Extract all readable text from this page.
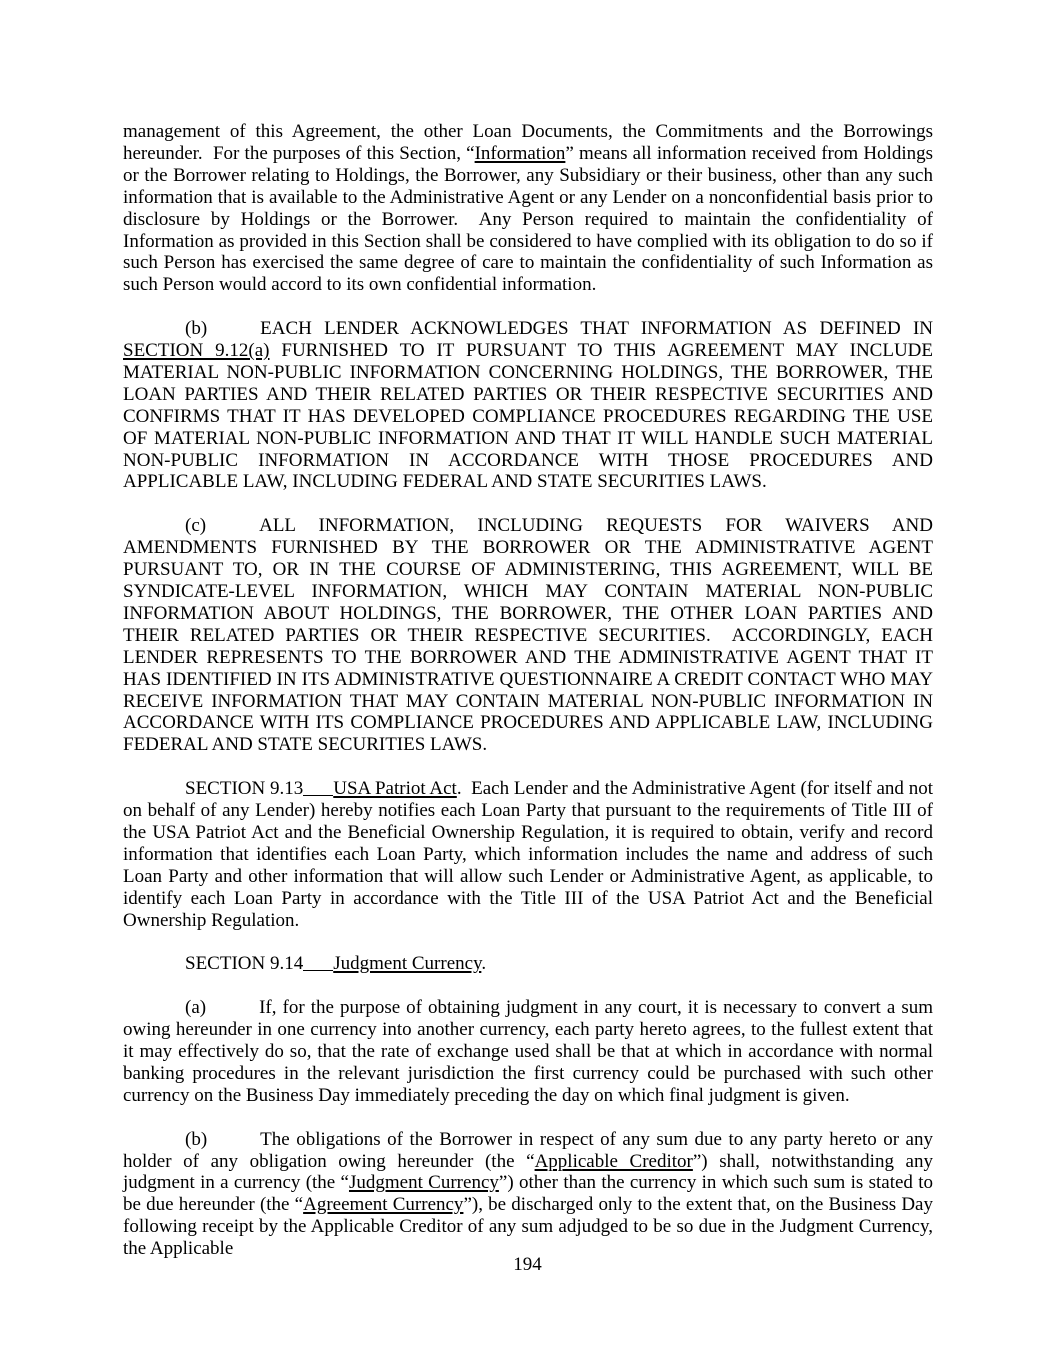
management of this Agreement, the other Loan Documents, the Commitments and the Borrowings hereunder.  For the purposes of this Section, “Information” means all information received from Holdings or the Borrower relating to Holdings, the Borrower, any Subsidiary or their business, other than any such information that is available to the Administrative Agent or any Lender on a nonconfidential basis prior to disclosure by Holdings or the Borrower.  Any Person required to maintain the confidentiality of Information as provided in this Section shall be considered to have complied with its obligation to do so if such Person has exercised the same degree of care to maintain the confidentiality of such Information as such Person would accord to its own confidential information.

(b)	EACH LENDER ACKNOWLEDGES THAT INFORMATION AS DEFINED IN SECTION 9.12(a) FURNISHED TO IT PURSUANT TO THIS AGREEMENT MAY INCLUDE MATERIAL NON-PUBLIC INFORMATION CONCERNING HOLDINGS, THE BORROWER, THE LOAN PARTIES AND THEIR RELATED PARTIES OR THEIR RESPECTIVE SECURITIES AND CONFIRMS THAT IT HAS DEVELOPED COMPLIANCE PROCEDURES REGARDING THE USE OF MATERIAL NON-PUBLIC INFORMATION AND THAT IT WILL HANDLE SUCH MATERIAL NON-PUBLIC INFORMATION IN ACCORDANCE WITH THOSE PROCEDURES AND APPLICABLE LAW, INCLUDING FEDERAL AND STATE SECURITIES LAWS.

(c)	ALL INFORMATION, INCLUDING REQUESTS FOR WAIVERS AND AMENDMENTS FURNISHED BY THE BORROWER OR THE ADMINISTRATIVE AGENT PURSUANT TO, OR IN THE COURSE OF ADMINISTERING, THIS AGREEMENT, WILL BE SYNDICATE-LEVEL INFORMATION, WHICH MAY CONTAIN MATERIAL NON-PUBLIC INFORMATION ABOUT HOLDINGS, THE BORROWER, THE OTHER LOAN PARTIES AND THEIR RELATED PARTIES OR THEIR RESPECTIVE SECURITIES.  ACCORDINGLY, EACH LENDER REPRESENTS TO THE BORROWER AND THE ADMINISTRATIVE AGENT THAT IT HAS IDENTIFIED IN ITS ADMINISTRATIVE QUESTIONNAIRE A CREDIT CONTACT WHO MAY RECEIVE INFORMATION THAT MAY CONTAIN MATERIAL NON-PUBLIC INFORMATION IN ACCORDANCE WITH ITS COMPLIANCE PROCEDURES AND APPLICABLE LAW, INCLUDING FEDERAL AND STATE SECURITIES LAWS.

SECTION 9.13 USA Patriot Act.  Each Lender and the Administrative Agent (for itself and not on behalf of any Lender) hereby notifies each Loan Party that pursuant to the requirements of Title III of the USA Patriot Act and the Beneficial Ownership Regulation, it is required to obtain, verify and record information that identifies each Loan Party, which information includes the name and address of such Loan Party and other information that will allow such Lender or Administrative Agent, as applicable, to identify each Loan Party in accordance with the Title III of the USA Patriot Act and the Beneficial Ownership Regulation.

SECTION 9.14 Judgment Currency.

(a)	If, for the purpose of obtaining judgment in any court, it is necessary to convert a sum owing hereunder in one currency into another currency, each party hereto agrees, to the fullest extent that it may effectively do so, that the rate of exchange used shall be that at which in accordance with normal banking procedures in the relevant jurisdiction the first currency could be purchased with such other currency on the Business Day immediately preceding the day on which final judgment is given.

(b)	The obligations of the Borrower in respect of any sum due to any party hereto or any holder of any obligation owing hereunder (the “Applicable Creditor”) shall, notwithstanding any judgment in a currency (the “Judgment Currency”) other than the currency in which such sum is stated to be due hereunder (the “Agreement Currency”), be discharged only to the extent that, on the Business Day following receipt by the Applicable Creditor of any sum adjudged to be so due in the Judgment Currency, the Applicable

194
